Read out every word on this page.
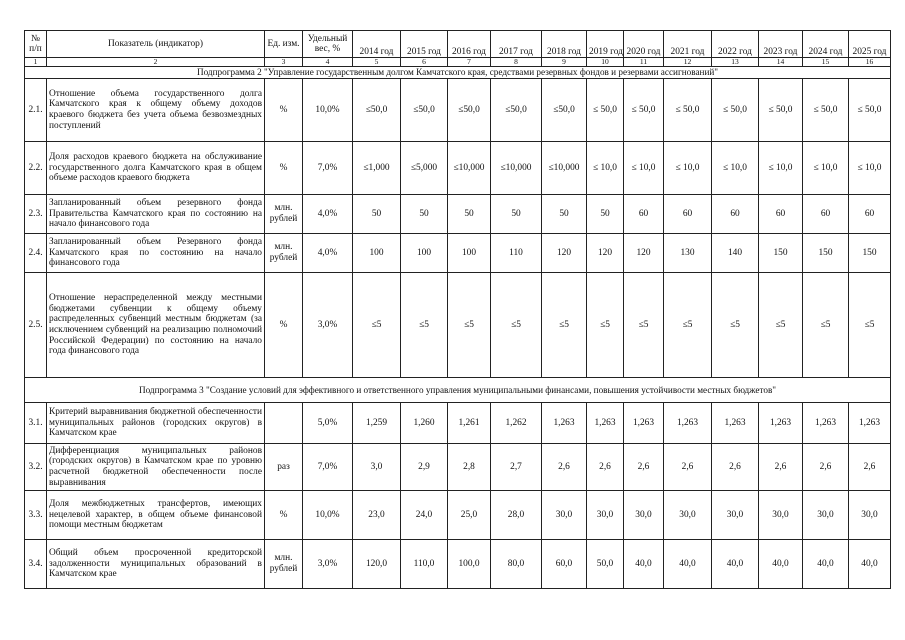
№ п/п	Показатель (индикатор)	Ед. изм.	Удельный вес, %	2014 год	2015 год	2016 год	2017 год	2018 год	2019 год	2020 год	2021 год	2022 год	2023 год	2024 год	2025 год
1	2	3	4	5	6	7	8	9	10	11	12	13	14	15	16
Подпрограмма 2 "Управление государственным долгом Камчатского края, средствами резервных фондов и резервами ассигнований"															
2.1.	Отношение объема государственного долга Камчатского края к общему объему доходов краевого бюджета без учета объема безвозмездных поступлений	%	10,0%	≤50,0	≤50,0	≤50,0	≤50,0	≤50,0	≤ 50,0	≤ 50,0	≤ 50,0	≤ 50,0	≤ 50,0	≤ 50,0	≤ 50,0
2.2.	Доля расходов краевого бюджета на обслуживание государственного долга Камчатского края в общем объеме расходов краевого бюджета	%	7,0%	≤1,000	≤5,000	≤10,000	≤10,000	≤10,000	≤ 10,0	≤ 10,0	≤ 10,0	≤ 10,0	≤ 10,0	≤ 10,0	≤ 10,0
2.3.	Запланированный объем резервного фонда Правительства Камчатского края по состоянию на начало финансового года	млн. рублей	4,0%	50	50	50	50	50	50	60	60	60	60	60	60
2.4.	Запланированный объем Резервного фонда Камчатского края по состоянию на начало финансового года	млн. рублей	4,0%	100	100	100	110	120	120	120	130	140	150	150	150
2.5.	Отношение нераспределенной между местными бюджетами субвенции к общему объему распределенных субвенций местным бюджетам (за исключением субвенций на реализацию полномочий Российской Федерации) по состоянию на начало года финансового года	%	3,0%	≤5	≤5	≤5	≤5	≤5	≤5	≤5	≤5	≤5	≤5	≤5	≤5
Подпрограмма 3 "Создание условий для эффективного и ответственного управления муниципальными финансами, повышения устойчивости местных бюджетов"															
3.1.	Критерий выравнивания бюджетной обеспеченности муниципальных районов (городских округов) в Камчатском крае		5,0%	1,259	1,260	1,261	1,262	1,263	1,263	1,263	1,263	1,263	1,263	1,263	1,263
3.2.	Дифференциация муниципальных районов (городских округов) в Камчатском крае по уровню расчетной бюджетной обеспеченности после выравнивания	раз	7,0%	3,0	2,9	2,8	2,7	2,6	2,6	2,6	2,6	2,6	2,6	2,6	2,6
3.3.	Доля межбюджетных трансфертов, имеющих нецелевой характер, в общем объеме финансовой помощи местным бюджетам	%	10,0%	23,0	24,0	25,0	28,0	30,0	30,0	30,0	30,0	30,0	30,0	30,0	30,0
3.4.	Общий объем просроченной кредиторской задолженности муниципальных образований в Камчатском крае	млн. рублей	3,0%	120,0	110,0	100,0	80,0	60,0	50,0	40,0	40,0	40,0	40,0	40,0	40,0
